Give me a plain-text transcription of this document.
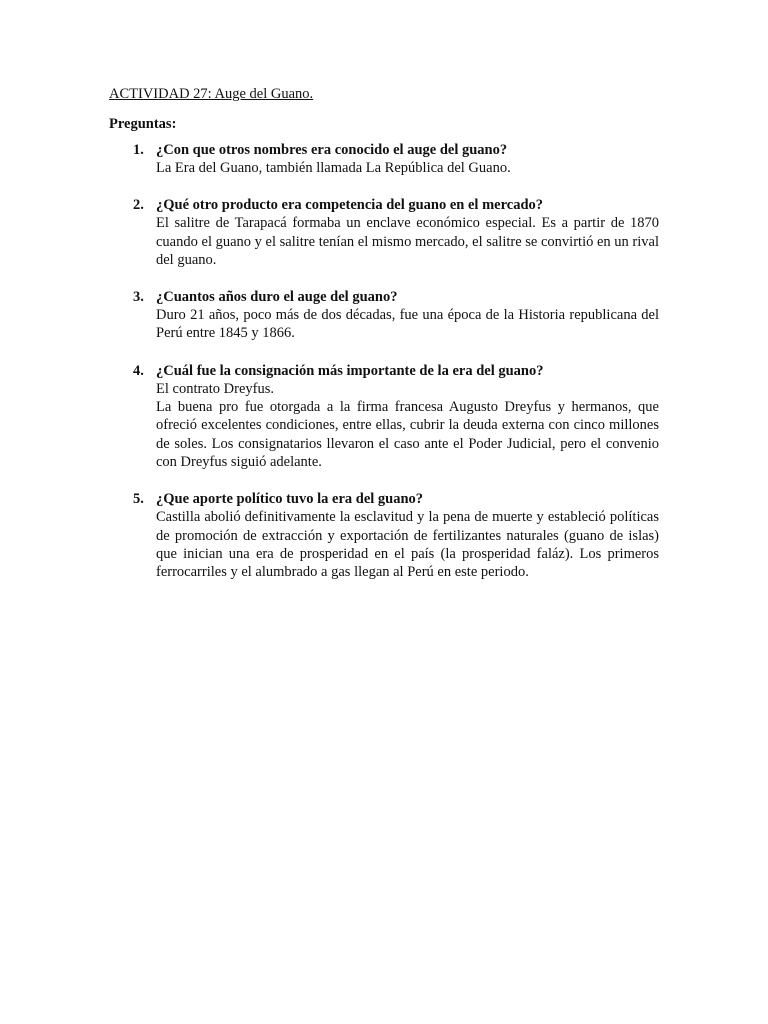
ACTIVIDAD 27: Auge del Guano.
Preguntas:
1. ¿Con que otros nombres era conocido el auge del guano?

La Era del Guano, también llamada La República del Guano.

2. ¿Qué otro producto era competencia del guano en el mercado?

El salitre de Tarapacá formaba un enclave económico especial. Es a partir de 1870 cuando el guano y el salitre tenían el mismo mercado, el salitre se convirtió en un rival del guano.

3. ¿Cuantos años duro el auge del guano?

Duro 21 años, poco más de dos décadas, fue una época de la Historia republicana del Perú entre 1845 y 1866.

4. ¿Cuál fue la consignación más importante de la era del guano?

El contrato Dreyfus.

La buena pro fue otorgada a la firma francesa Augusto Dreyfus y hermanos, que ofreció excelentes condiciones, entre ellas, cubrir la deuda externa con cinco millones de soles. Los consignatarios llevaron el caso ante el Poder Judicial, pero el convenio con Dreyfus siguió adelante.

5. ¿Que aporte político tuvo la era del guano?

Castilla abolió definitivamente la esclavitud y la pena de muerte y estableció políticas de promoción de extracción y exportación de fertilizantes naturales (guano de islas) que inician una era de prosperidad en el país (la prosperidad faláz). Los primeros ferrocarriles y el alumbrado a gas llegan al Perú en este periodo.
